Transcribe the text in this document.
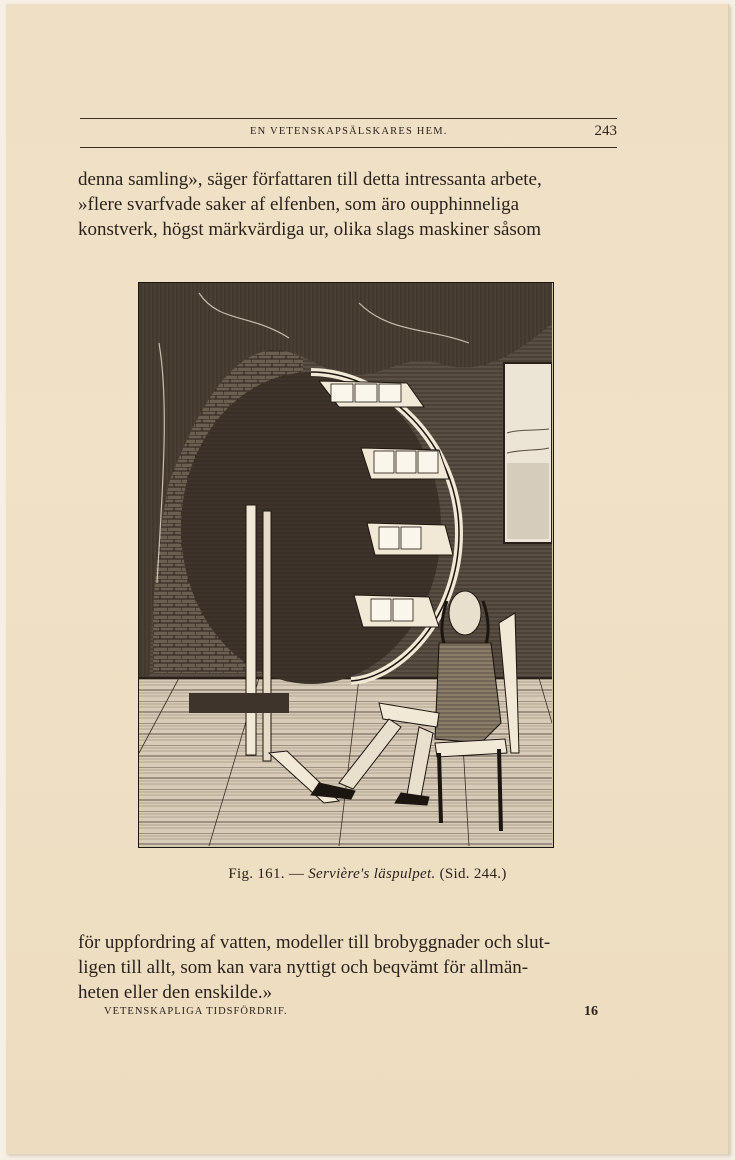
EN VETENSKAPSÄLSKARES HEM.	243

denna samling», säger författaren till detta intressanta arbete,

»flere svarfvade saker af elfenben, som äro oupphinneliga

konstverk, högst märkvärdiga ur, olika slags maskiner såsom

Fig. 161. — Servière's läspulpet. (Sid. 244.)

för uppfordring af vatten, modeller till brobyggnader och slut-

ligen till allt, som kan vara nyttigt och beqvämt för allmän-

heten eller den enskilde.»

VETENSKAPLIGA TIDSFÖRDRIF.	16
